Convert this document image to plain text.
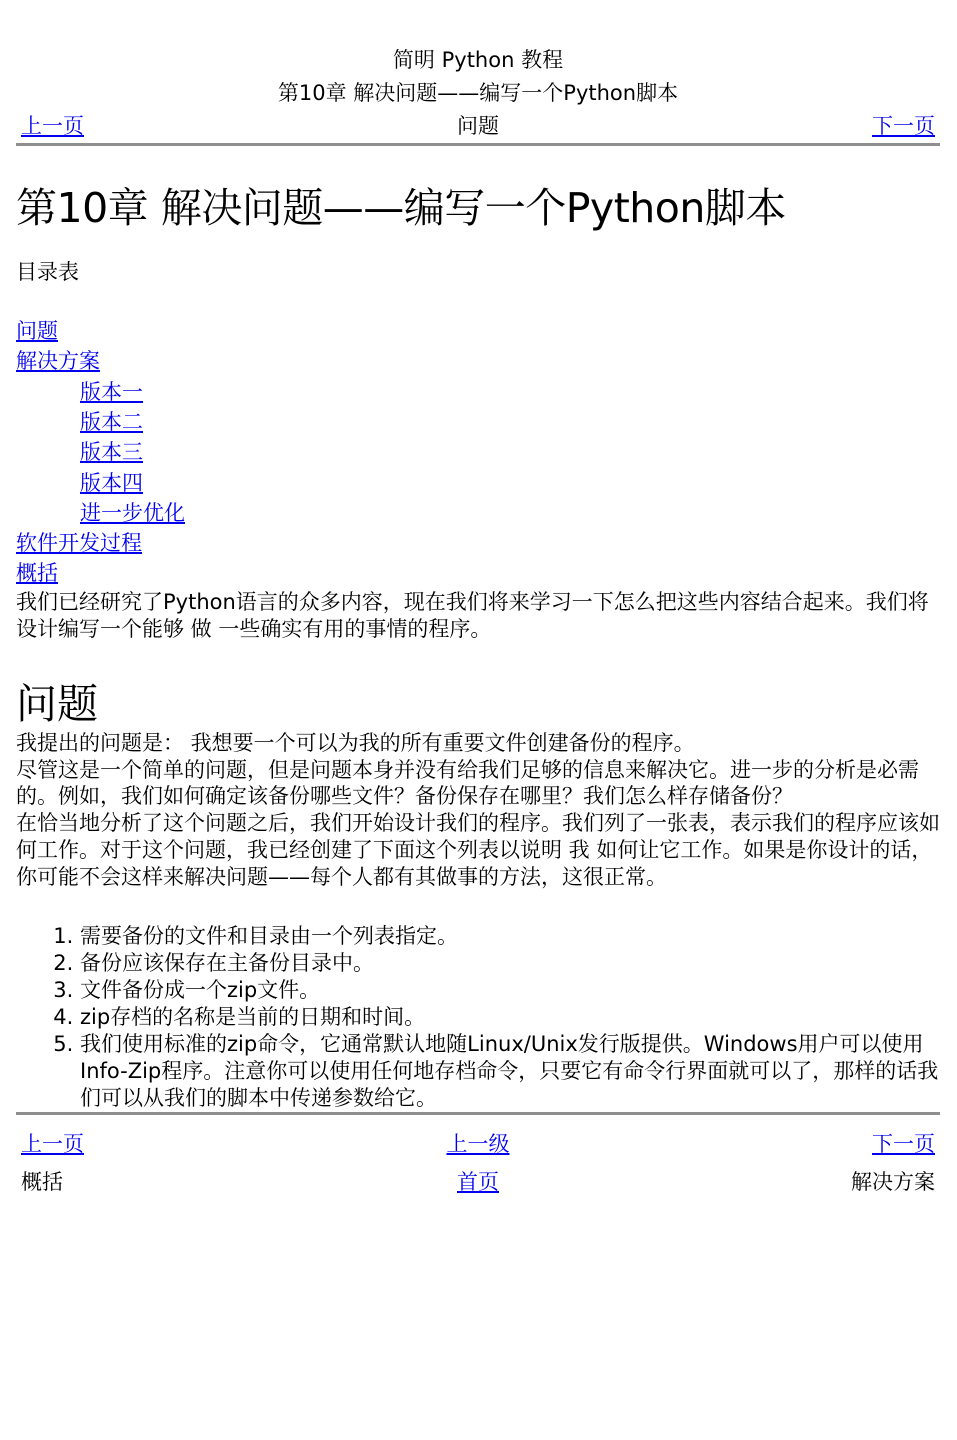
简明 Python 教程
第10章 解决问题——编写一个Python脚本
上一页	问题	下一页
第10章 解决问题——编写一个Python脚本
目录表
问题
解决方案
版本一
版本二
版本三
版本四
进一步优化
软件开发过程
概括

我们已经研究了Python语言的众多内容，现在我们将来学习一下怎么把这些内容结合起来。我们将设计编写一个能够 做 一些确实有用的事情的程序。

问题

我提出的问题是： 我想要一个可以为我的所有重要文件创建备份的程序。

尽管这是一个简单的问题，但是问题本身并没有给我们足够的信息来解决它。进一步的分析是必需的。例如，我们如何确定该备份哪些文件？备份保存在哪里？我们怎么样存储备份？

在恰当地分析了这个问题之后，我们开始设计我们的程序。我们列了一张表，表示我们的程序应该如何工作。对于这个问题，我已经创建了下面这个列表以说明 我 如何让它工作。如果是你设计的话，你可能不会这样来解决问题——每个人都有其做事的方法，这很正常。

1. 需要备份的文件和目录由一个列表指定。
2. 备份应该保存在主备份目录中。
3. 文件备份成一个zip文件。
4. zip存档的名称是当前的日期和时间。
5. 我们使用标准的zip命令，它通常默认地随Linux/Unix发行版提供。Windows用户可以使用Info-Zip程序。注意你可以使用任何地存档命令，只要它有命令行界面就可以了，那样的话我们可以从我们的脚本中传递参数给它。
上一页	上一级	下一页
概括	首页	解决方案
